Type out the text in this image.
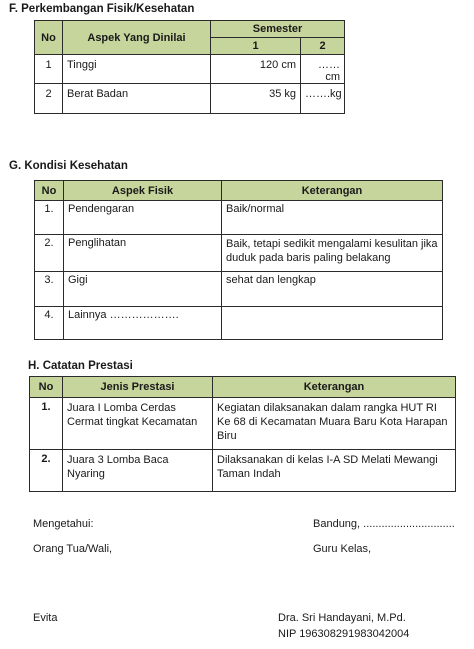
F. Perkembangan Fisik/Kesehatan
No	Aspek Yang Dinilai	Semester	
		1	2
1	Tinggi	120 cm	……cm
2	Berat Badan	35 kg	…….kg
G. Kondisi Kesehatan
No	Aspek Fisik	Keterangan
1.	Pendengaran	Baik/normal
2.	Penglihatan	Baik, tetapi sedikit mengalami kesulitan jika duduk pada baris paling belakang
3.	Gigi	sehat dan lengkap
4.	Lainnya ……………….	
H. Catatan Prestasi
No	Jenis Prestasi	Keterangan
1.	Juara I Lomba Cerdas Cermat tingkat Kecamatan	Kegiatan dilaksanakan dalam rangka HUT RI Ke 68 di Kecamatan Muara Baru Kota Harapan Biru
2.	Juara 3 Lomba Baca Nyaring	Dilaksanakan di kelas I-A SD Melati Mewangi Taman Indah
Mengetahui:	Bandung, ..............................
Orang Tua/Wali,	Guru Kelas,
Evita	Dra. Sri Handayani, M.Pd.
NIP 196308291983042004
